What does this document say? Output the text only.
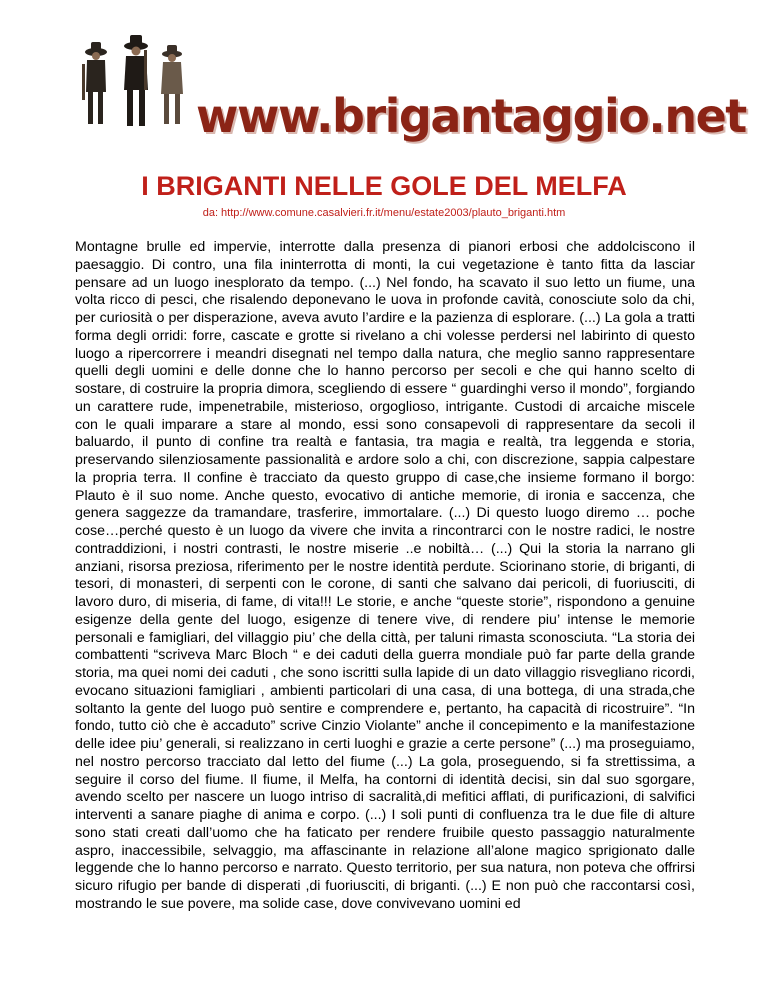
www.brigantaggio.net
I BRIGANTI NELLE GOLE DEL MELFA
da: http://www.comune.casalvieri.fr.it/menu/estate2003/plauto_briganti.htm

Montagne brulle ed impervie, interrotte dalla presenza di pianori erbosi che addolciscono il paesaggio. Di contro, una fila ininterrotta di monti, la cui vegetazione è tanto fitta da lasciar pensare ad un luogo inesplorato da tempo. (...) Nel fondo, ha scavato il suo letto un fiume, una volta ricco di pesci, che risalendo deponevano le uova in profonde cavità, conosciute solo da chi, per curiosità o per disperazione, aveva avuto l’ardire e la pazienza di esplorare. (...) La gola a tratti forma degli orridi: forre, cascate e grotte si rivelano a chi volesse perdersi nel labirinto di questo luogo a ripercorrere i meandri disegnati nel tempo dalla natura, che meglio sanno rappresentare quelli degli uomini e delle donne che lo hanno percorso per secoli e che qui hanno scelto di sostare, di costruire la propria dimora, scegliendo di essere “ guardinghi verso il mondo”, forgiando un carattere rude, impenetrabile, misterioso, orgoglioso, intrigante. Custodi di arcaiche miscele con le quali imparare a stare al mondo, essi sono consapevoli di rappresentare da secoli il baluardo, il punto di confine tra realtà e fantasia, tra magia e realtà, tra leggenda e storia, preservando silenziosamente passionalità e ardore solo a chi, con discrezione, sappia calpestare la propria terra. Il confine è tracciato da questo gruppo di case,che insieme formano il borgo: Plauto è il suo nome. Anche questo, evocativo di antiche memorie, di ironia e saccenza, che genera saggezze da tramandare, trasferire, immortalare. (...) Di questo luogo diremo … poche cose…perché questo è un luogo da vivere che invita a rincontrarci con le nostre radici, le nostre contraddizioni, i nostri contrasti, le nostre miserie ..e nobiltà… (...) Qui la storia la narrano gli anziani, risorsa preziosa, riferimento per le nostre identità perdute. Sciorinano storie, di briganti, di tesori, di monasteri, di serpenti con le corone, di santi che salvano dai pericoli, di fuoriusciti, di lavoro duro, di miseria, di fame, di vita!!! Le storie, e anche “queste storie”, rispondono a genuine esigenze della gente del luogo, esigenze di tenere vive, di rendere piu’ intense le memorie personali e famigliari, del villaggio piu’ che della città, per taluni rimasta sconosciuta. “La storia dei combattenti “scriveva Marc Bloch “ e dei caduti della guerra mondiale può far parte della grande storia, ma quei nomi dei caduti , che sono iscritti sulla lapide di un dato villaggio risvegliano ricordi, evocano situazioni famigliari , ambienti particolari di una casa, di una bottega, di una strada,che soltanto la gente del luogo può sentire e comprendere e, pertanto, ha capacità di ricostruire”. “In fondo, tutto ciò che è accaduto” scrive Cinzio Violante” anche il concepimento e la manifestazione delle idee piu’ generali, si realizzano in certi luoghi e grazie a certe persone” (...) ma proseguiamo, nel nostro percorso tracciato dal letto del fiume (...) La gola, proseguendo, si fa strettissima, a seguire il corso del fiume. Il fiume, il Melfa, ha contorni di identità decisi, sin dal suo sgorgare, avendo scelto per nascere un luogo intriso di sacralità,di mefitici afflati, di purificazioni, di salvifici interventi a sanare piaghe di anima e corpo. (...) I soli punti di confluenza tra le due file di alture sono stati creati dall’uomo che ha faticato per rendere fruibile questo passaggio naturalmente aspro, inaccessibile, selvaggio, ma affascinante in relazione all’alone magico sprigionato dalle leggende che lo hanno percorso e narrato. Questo territorio, per sua natura, non poteva che offrirsi sicuro rifugio per bande di disperati ,di fuoriusciti, di briganti. (...) E non può che raccontarsi così, mostrando le sue povere, ma solide case, dove convivevano uomini ed
